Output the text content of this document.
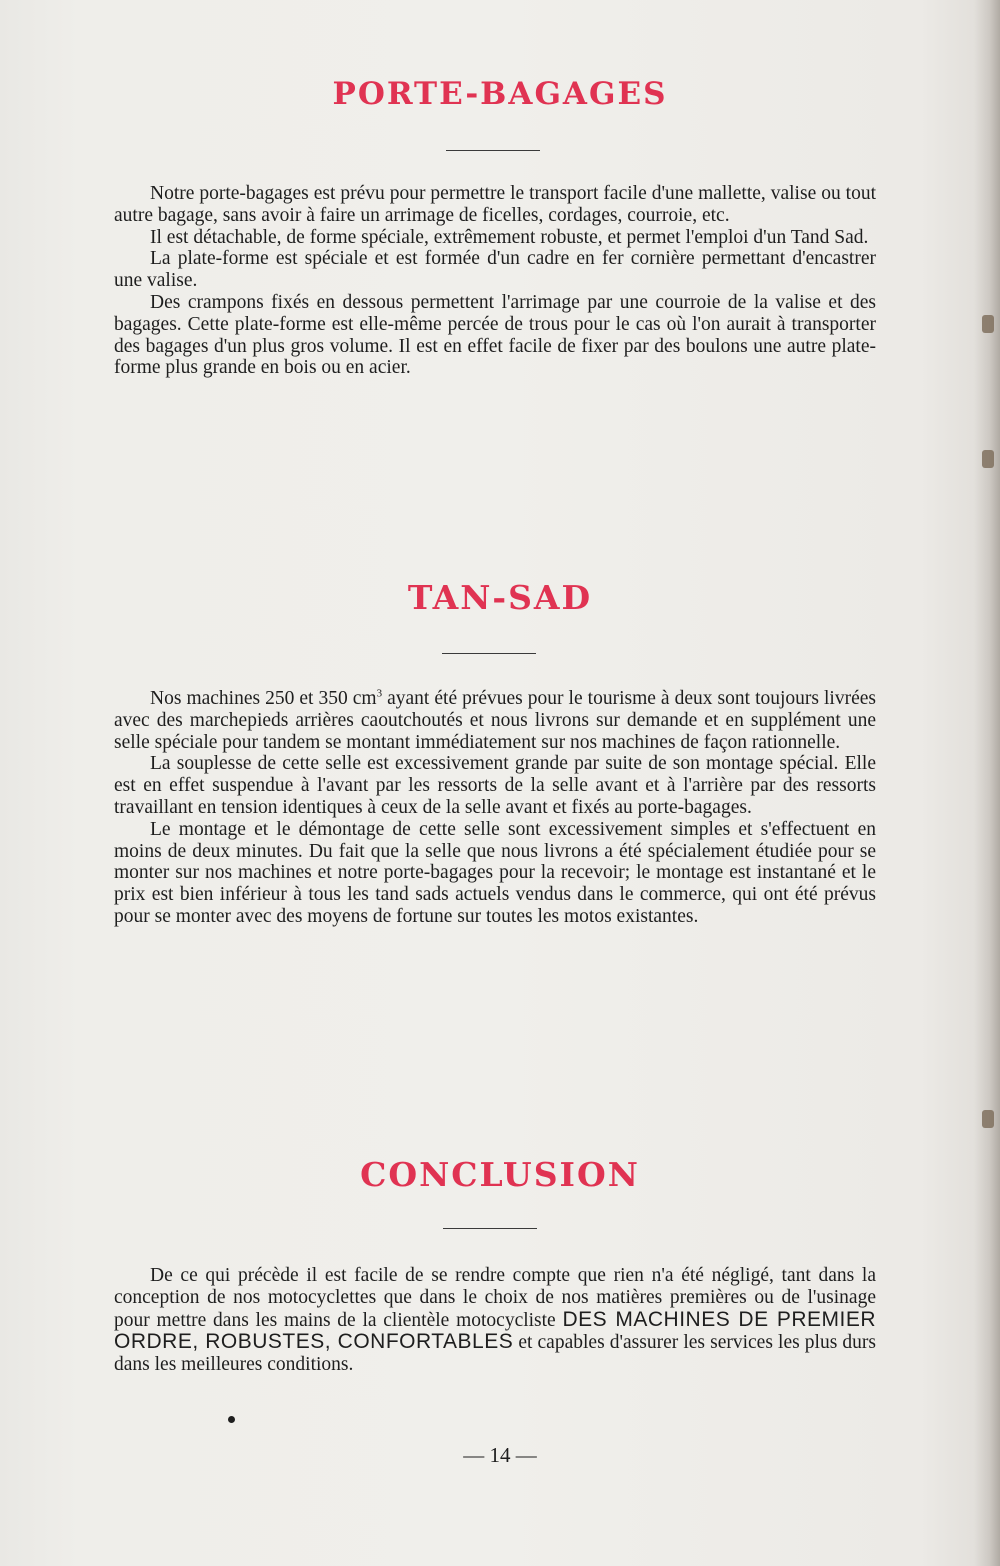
PORTE-BAGAGES

Notre porte-bagages est prévu pour permettre le transport facile d'une mallette, valise ou tout autre bagage, sans avoir à faire un arrimage de ficelles, cordages, courroie, etc.

Il est détachable, de forme spéciale, extrêmement robuste, et permet l'emploi d'un Tand Sad.

La plate-forme est spéciale et est formée d'un cadre en fer cornière permettant d'encastrer une valise.

Des crampons fixés en dessous permettent l'arrimage par une courroie de la valise et des bagages. Cette plate-forme est elle-même percée de trous pour le cas où l'on aurait à transporter des bagages d'un plus gros volume. Il est en effet facile de fixer par des boulons une autre plate-forme plus grande en bois ou en acier.

TAN-SAD

Nos machines 250 et 350 $cm^3$ ayant été prévues pour le tourisme à deux sont toujours livrées avec des marchepieds arrières caoutchoutés et nous livrons sur demande et en supplément une selle spéciale pour tandem se montant immédiatement sur nos machines de façon rationnelle.

La souplesse de cette selle est excessivement grande par suite de son montage spécial. Elle est en effet suspendue à l'avant par les ressorts de la selle avant et à l'arrière par des ressorts travaillant en tension identiques à ceux de la selle avant et fixés au porte-bagages.

Le montage et le démontage de cette selle sont excessivement simples et s'effectuent en moins de deux minutes. Du fait que la selle que nous livrons a été spécialement étudiée pour se monter sur nos machines et notre porte-bagages pour la recevoir; le montage est instantané et le prix est bien inférieur à tous les tand sads actuels vendus dans le commerce, qui ont été prévus pour se monter avec des moyens de fortune sur toutes les motos existantes.

CONCLUSION

De ce qui précède il est facile de se rendre compte que rien n'a été négligé, tant dans la conception de nos motocyclettes que dans le choix de nos matières premières ou de l'usinage pour mettre dans les mains de la clientèle motocycliste DES MACHINES DE PREMIER ORDRE, ROBUSTES, CONFORTABLES et capables d'assurer les services les plus durs dans les meilleures conditions.

— 14 —
